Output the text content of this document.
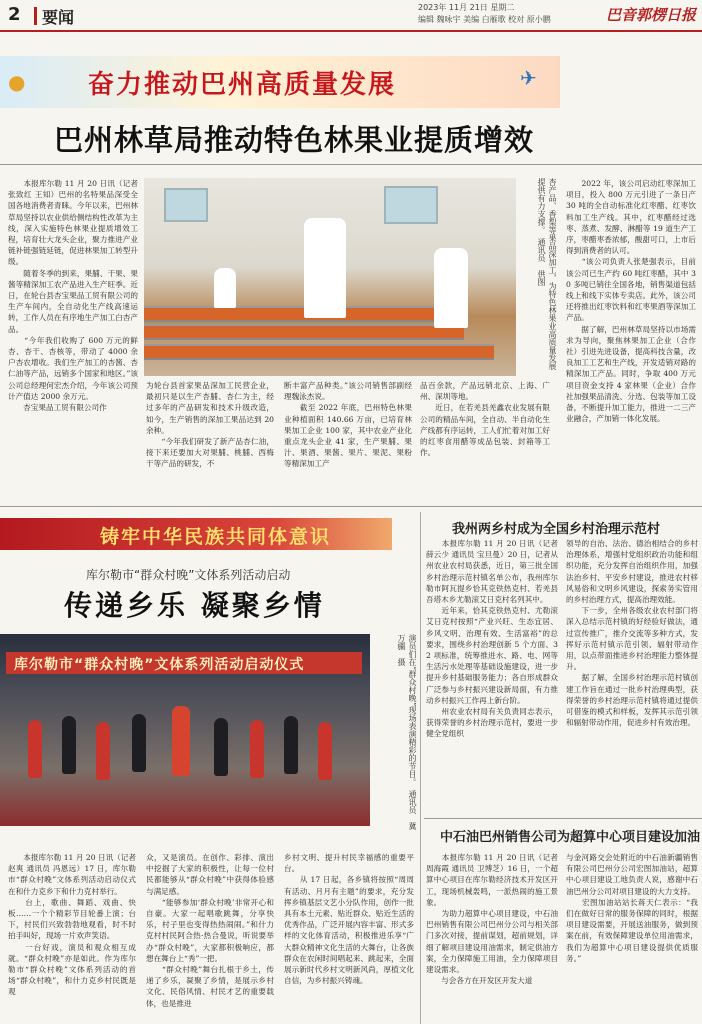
2 要闻
2023年 11月 21日 星期二
编辑 魏咏宇 美编 白雁歌 校对 原小鹏	巴音郭楞日报
●	✈
奋力推动巴州高质量发展
巴州林草局推动特色林果业提质增效
　　本报库尔勒 11 月 20 日讯（记者 张致红 王知）巴州的名特果品深受全国各地消费者青睐。今年以来，巴州林草局坚持以农业供给侧结构性改革为主线，深入实施特色林果业提质增效工程，培育壮大龙头企业，聚力推进产业链补链强链延链，促进林果加工转型升级。
　　随着冬季的到来，果脯、干果、果酱等精深加工农产品进入生产旺季。近日，在轮台县杏宝果品工贸有限公司的生产车间内，全自动化生产线高速运转，工作人员在有序地生产加工白杏产品。
　　“今年我们收购了 600 万元的鲜杏、杏干、杏核等，带动了 4000 余户杏农增收。我们生产加工的杏酱、杏仁油等产品，远销多个国家和地区。”该公司总经理何宏杰介绍，今年该公司预计产值达 2000 余万元。
　　杏宝果品工贸有限公司作
杏产品、香梨等果品深加工，为特色林果业高质量发展提供有力支撑。　通讯员　供图
为轮台县首家果品深加工民营企业，最初只是以生产杏脯、杏仁为主，经过多年的产品研发和技术升级改造，如今，生产销售的深加工果品达到 20 余种。
　　“今年我们研发了新产品杏仁油，接下来还要加大对果脯、桃脯、西梅干等产品的研发，不
断丰富产品种类。”该公司销售部副经理魏泳杰说。
　　截至 2022 年底，巴州特色林果业种植面积 140.66 万亩，已培育林果加工企业 100 家，其中农业产业化重点龙头企业 41 家，生产果脯、果汁、果酒、果酱、果片、果泥、果粉等精深加工产
品百余款，产品远销北京、上海、广州、深圳等地。
　　近日，在若羌县羌鑫农业发展有限公司的精品车间，全自动、半自动化生产线都有序运转，工人们忙着对加工好的红枣食用醋等成品包装、封箱等工作。
　　2022 年，该公司启动红枣深加工项目，投入 800 万元引进了一条日产 30 吨的全自动标准化红枣醋、红枣饮料加工生产线。其中，红枣醋经过选枣、蒸煮、发酵、淋醋等 19 道生产工序，枣醋枣香浓郁，酸甜可口，上市后得到消费者的认可。
　　“该公司负责人张楚强表示，目前该公司已生产约 60 吨红枣醋，其中 30 多吨已销往全国各地，销售渠道包括线上和线下实体专卖店。此外，该公司还将推出红枣饮料和红枣果酒等深加工产品。
　　据了解，巴州林草局坚持以市场需求为导向，聚焦林果加工企业（合作社）引进先进设备，提高科技含量，改良加工工艺和生产线，开发适销对路的精深加工产品。同时，争取 400 万元项目资金支持 4 家林果（企业）合作社加强果品清洗、分选、包装等加工设备，不断提升加工能力，推进一二三产业融合，产加销一体化发展。
铸牢中华民族共同体意识
库尔勒市“群众村晚”文体系列活动启动
传递乡乐 凝聚乡情
库尔勒市“群众村晚”文体系列活动启动仪式	演员们在“群众村晚”现场表演精彩的节目。　通讯员　冀万疆　摄
　　本报库尔勒 11 月 20 日讯（记者 赵爽 通讯员 冯恩远）17 日，库尔勒市“群众村晚”文体系列活动启动仪式在和什力克乡下和什力克村举行。
　　台上，歌曲、舞蹈、戏曲、快板……一个个精彩节目轮番上演；台下，村民们兴致勃勃地观看，时不时拍手叫好，现场一片欢声笑语。
　　一台好戏，演员和观众相互成就。“群众村晚”亦是如此。作为库尔勒市“群众村晚”文体系列活动的首场“群众村晚”，和什力克乡村民既是观
众，又是演员。在创作、彩排、演出中挖掘了大家的积极性，让每一位村民都能够从“群众村晚”中获得体验感与满足感。
　　“能够参加‘群众村晚’非常开心和自豪。大家一起唱歌跳舞，分享快乐，村子里也变得热热闹闹。”和什力克村村民阿合热·热合曼说，听说要举办“群众村晚”，大家都积极响应，都想在舞台上“秀”一把。
　　“群众村晚”舞台扎根于乡土，传递了乡乐，凝聚了乡情，是展示乡村文化、民俗风情、村民才艺的重要载体，也是推进
乡村文明、提升村民幸福感的重要平台。
　　从 17 日起，各乡镇将按照“周周有活动、月月有主题”的要求，充分发挥乡镇基层文艺小分队作用，创作一批具有本土元素、贴近群众、贴近生活的优秀作品，广泛开展内容丰富、形式多样的文化体育活动，积极推进乐享“广大群众精神文化生活的大舞台，让各族群众在农闲时间唱起来、跳起来，全面展示新时代乡村文明新风尚，厚植文化自信，为乡村振兴铸魂。
我州两乡村成为全国乡村治理示范村
　　本报库尔勒 11 月 20 日讯（记者 薛云少 通讯员 宝旦曼）20 日，记者从州农业农村局获悉，近日，第三批全国乡村治理示范村镇名单公布，我州库尔勒市阿瓦提乡恰其克铁热克村、若羌县吾塔木乡尤勒滚艾日克村名列其中。
　　近年来，恰其克铁热克村、尤勒滚艾日克村按照“产业兴旺、生态宜居、乡风文明、治理有效、生活富裕”的总要求，围绕乡村治理创新 5 个方面、32 项标准，统筹推进水、路、电、网等生活污水处理等基础设施建设，进一步提升乡村基础服务能力；各自形成群众广泛参与乡村振兴建设新局面，有力推动乡村振兴工作再上新台阶。
　　州农业农村局有关负责同志表示，获得荣誉的乡村治理示范村，要进一步健全党组织
领导的自治、法治、德治相结合的乡村治理体系，增强村党组织政治功能和组织功能，充分发挥自治组织作用，加强法治乡村、平安乡村建设，推进农村移风易俗和文明乡风建设，探索务实管用的乡村治理方式，提高治理效能。
　　下一步，全州各级农业农村部门将深入总结示范村镇的好经验好做法，通过宣传推广，推介交流等多种方式，发挥好示范村镇示范引领、辐射带动作用，以点带面推进乡村治理能力整体提升。
　　据了解，全国乡村治理示范村镇创建工作旨在通过一批乡村治理典型，获得荣誉的乡村治理示范村镇将通过提供可借鉴的模式和样板，发挥其示范引领和辐射带动作用，促进乡村有效治理。
中石油巴州销售公司为超算中心项目建设加油
　　本报库尔勒 11 月 20 日讯（记者 周海霞 通讯员 卫博芝）16 日，一个超算中心项目在库尔勒经济技术开发区开工，现场机械轰鸣，一派热闹的施工景象。
　　为助力超算中心项目建设，中石油巴州销售有限公司巴州分公司与相关部门多次对接，提前谋划，超前规划，详细了解项目建设用油需求，制定供油方案，全力保障施工用油，全力保障项目建设需求。
　　与会各方在开发区开发大道
与金河路交会处附近的中石油新疆销售有限公司巴州分公司宏图加油站，超算中心项目建设工地负责人说，感谢中石油巴州分公司对项目建设的大力支持。
　　宏图加油站站长蒋天仁表示：“我们在做好日常的服务保障的同时，根据项目建设需要，开展送油服务，做到预案在前，有效保障建设单位用油需求，我们为超算中心项目建设提供优质服务。”
